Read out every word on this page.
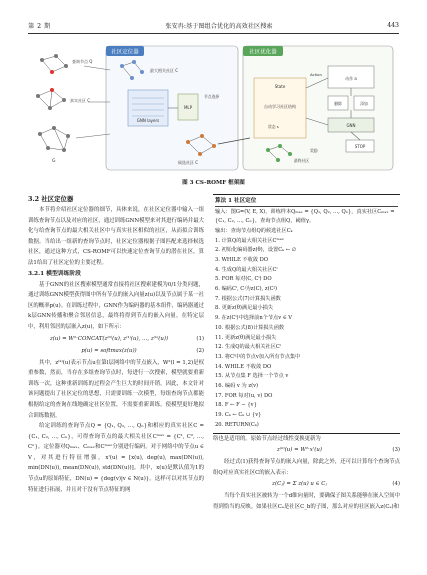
第 2 期	张安冉:基于图组合优化的高效社区搜索	443
社区定位器	社区优化器
查询节点 Q
真实社区 C
G
最大相关社区 C
GNN layers
MLP
节点选择
候选社区 C
State
自动学习社区结构
状态 s
动作 a
删除	添加
GNN
STOP
Action
奖励
最终社区
图 3 CS-ROMF 框架图

3.2 社区定位器

本节将介绍社区定位器的细节，具体来说，在社区定位器中输入一组训练查询节点以及对应的社区，通过训练GNN模型来对其进行编码并最大化与给查询节点的最大相关社区中与真实社区相似的社区，从而拟合训练数据。当给出一组新的查询节点时，社区定位器根据子图匹配来选择候选社区，通过这种方式，CS-ROMF可以快速定位查询节点的潜在社区，算法1给出了社区定位的主要过程。

3.2.1 模型训练阶段

基于GNN的社区搜索模型通常直接将社区搜索建模为0/1分类问题，通过训练GNN模型获得图中所有节点的嵌入向量z(u)以及节点属于某一社区的概率p(u)。在训练过程中，GNN作为编码器的基本组件，编码器通过k层GNN传播和聚合邻居信息，最终将得到节点的嵌入向量。在特定层中，利用邻居的层嵌入z(u)，如下所示：

z(u) = W²·CONCAT(z⁽⁰⁾(u), z⁽¹⁾(u), …, z⁽ᵏ⁾(u))	(1)
p(u) = softmax(z(u))	(2)

其中，z⁽ᵏ⁾(u)表示节点u在第l层网络中的节点嵌入，W²(l = 1,2)是权重参数，然而，当存在多组查询节点时，每进行一次搜索，模型就要重新训练一次，这种重新训练的过程会产生巨大的时间开销。因此，本文针对该问题提出了社区定位的思想，只需要训练一次模型，每组查询节点都能根据给定的查询在线地确定社区位置，不需要重新训练。使模型更好地拟合训练数据。

给定训练的查询节点Q = {Q₁, Q₂, …, Qₙ}和相应的真实社区C = {C₁, C₂, …, Cₙ}，可得查询节点的最大相关社区Cᵐᵃˣ = {C¹, C², …, Cⁿ}。定位器对Qₘₐₓ、Cₘₐₓ和Cᵐᵃˣ分别进行编码。对于网络中的节点u ∈ V，对其进行特征增强，x'(u) = [x(u), deg(u), max(DN(u)), min(DN(u)), mean(DN(u)), std(DN(u))]。其中，x(u)是默认值为1的节点u的原始特征，DN(u) = {deg(v)|v ∈ N(u)}。这样可以对其节点的特征进行拓展，并且对于没有节点特征的网

算法 1 社区定位
输入：图G=(V, E, X)，训练样本Qₘₐₓ = {Q₁, Q₂, …, Qₙ}，真实社区Cₘₐₓ = {C₁, C₂, …, Cₙ}，查询节点组Q，阈值γ。
输出：查询节点组Q的候选社区Cₖ
1. 计算Q的最大相关社区Cᵐᵃˣ
2. 初始化编码器z(θ)，设置Cₖ ← ∅
3. WHILE 不收敛 DO
4. 生成Q的最大相关社区Cⁱ
5. FOR 每对(C, Cⁱ) DO
6. 编码Cⁱ, Cʲ为z(C), z(Cʲ)
7. 根据公式(7)计算损失函数
8. 更新z(θ)满足最小损失
9. 在z(Cⁱ)中选择前n个节点v ∈ V
10. 根据公式(8)计算损失函数
11. 更新z(θ)满足最小损失
12. 生成Q的最大相关社区Cⁱ
13. 将Cⁱ中的节点v加入所有节点集中
14. WHILE 不收敛 DO
15. 从节点集 F 选择一个节点 v
16. 编码 v 为 z(v)
17. FOR 每对(u, v) DO
18. F ← F − {v}
19. Cₖ ← Cₖ ∪ {v}
20. RETURN(Cₖ)

络也是适用的。原始节点经过线性变换更新为

z⁽⁰⁾(u) = W²·x'(u)	(3)

经过式(1)获得查询节点的嵌入向量，除此之外，还可以计算每个查询节点组Q对应真实社区C的嵌入表示：

z(Cⱼ) = Σ z(u) u ∈ Cⱼ	(4)

当每个真实社区被转为一个d维向量时，要确保子图关系能够在嵌入空间中得到恰当的反映。如果社区Cₐ是社区C_b的子图，那么对应的社区嵌入z(Cₐ)和
